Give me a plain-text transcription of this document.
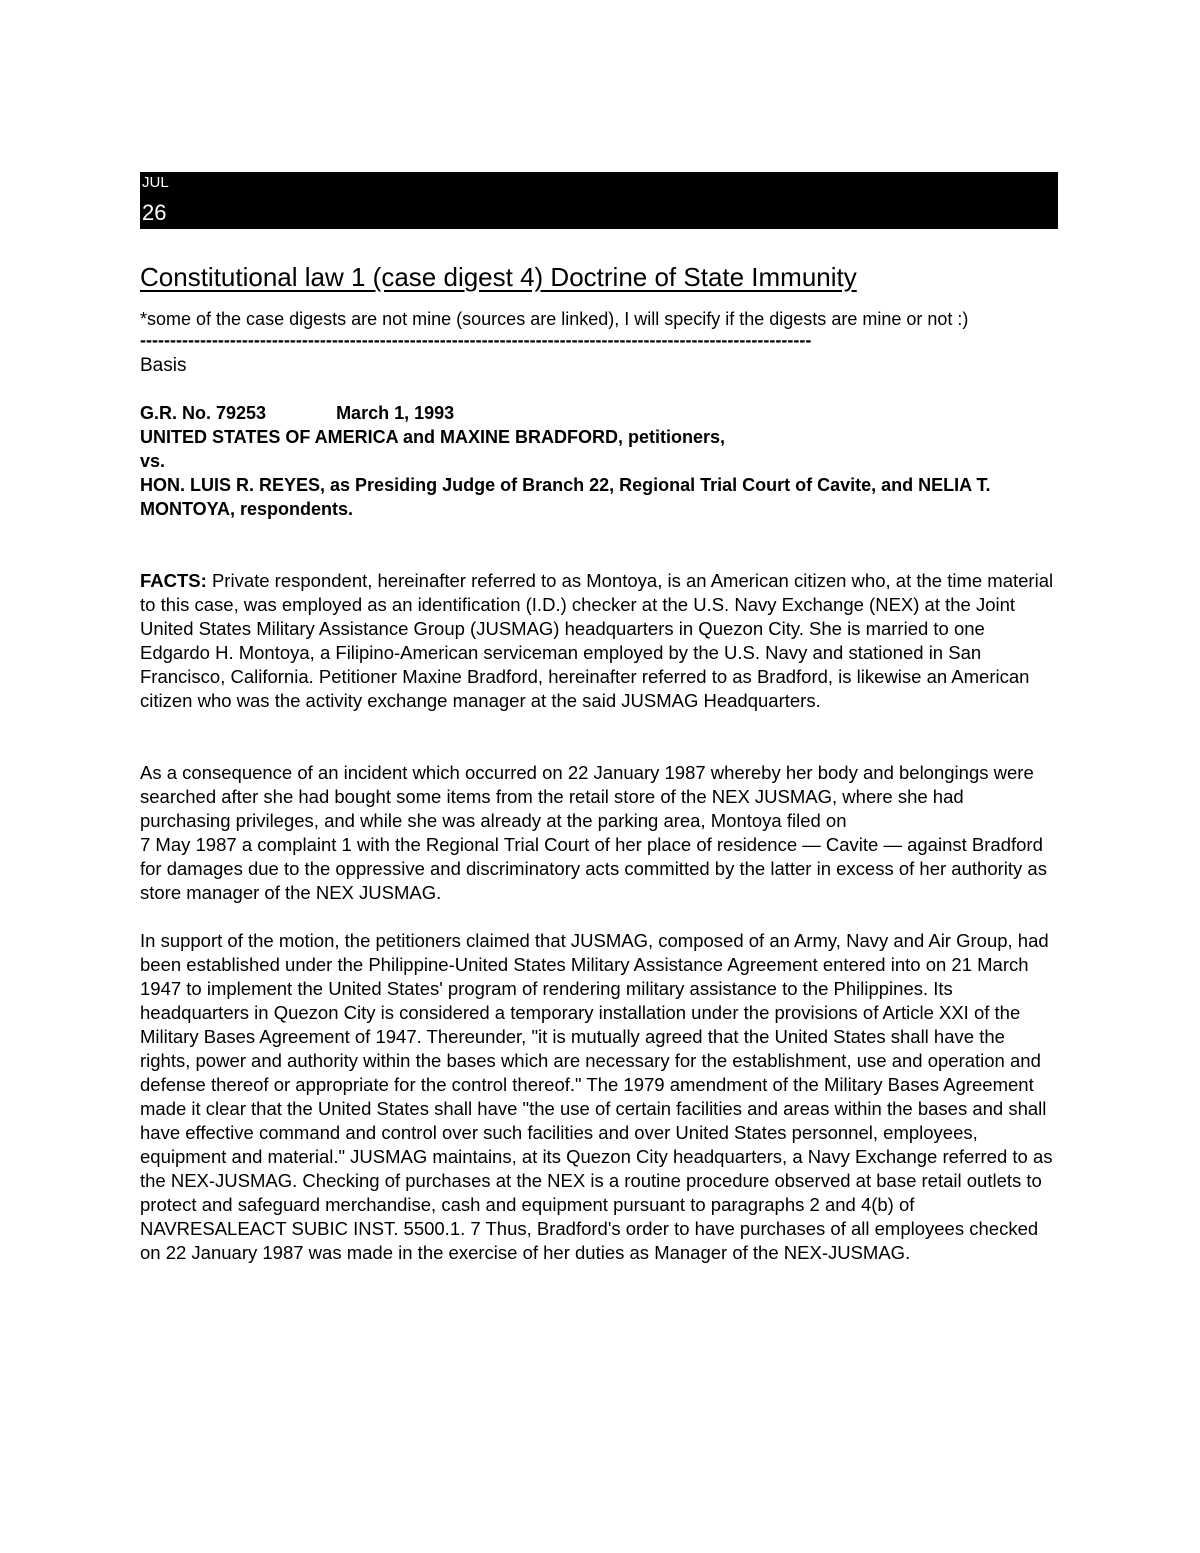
JUL
26
Constitutional law 1 (case digest 4) Doctrine of State Immunity
*some of the case digests are not mine (sources are linked), I will specify if the digests are mine or not :)
----------------------------------------------------------------------------------------------------------------
Basis
G.R. No. 79253	March 1, 1993
UNITED STATES OF AMERICA and MAXINE BRADFORD, petitioners,
vs.
HON. LUIS R. REYES, as Presiding Judge of Branch 22, Regional Trial Court of Cavite, and NELIA T. MONTOYA, respondents.
FACTS: Private respondent, hereinafter referred to as Montoya, is an American citizen who, at the time material to this case, was employed as an identification (I.D.) checker at the U.S. Navy Exchange (NEX) at the Joint United States Military Assistance Group (JUSMAG) headquarters in Quezon City. She is married to one Edgardo H. Montoya, a Filipino-American serviceman employed by the U.S. Navy and stationed in San Francisco, California. Petitioner Maxine Bradford, hereinafter referred to as Bradford, is likewise an American citizen who was the activity exchange manager at the said JUSMAG Headquarters.
As a consequence of an incident which occurred on 22 January 1987 whereby her body and belongings were searched after she had bought some items from the retail store of the NEX JUSMAG, where she had purchasing privileges, and while she was already at the parking area, Montoya filed on
7 May 1987 a complaint 1 with the Regional Trial Court of her place of residence — Cavite — against Bradford for damages due to the oppressive and discriminatory acts committed by the latter in excess of her authority as store manager of the NEX JUSMAG.
In support of the motion, the petitioners claimed that JUSMAG, composed of an Army, Navy and Air Group, had been established under the Philippine-United States Military Assistance Agreement entered into on 21 March 1947 to implement the United States' program of rendering military assistance to the Philippines. Its headquarters in Quezon City is considered a temporary installation under the provisions of Article XXI of the Military Bases Agreement of 1947. Thereunder, "it is mutually agreed that the United States shall have the rights, power and authority within the bases which are necessary for the establishment, use and operation and defense thereof or appropriate for the control thereof." The 1979 amendment of the Military Bases Agreement made it clear that the United States shall have "the use of certain facilities and areas within the bases and shall have effective command and control over such facilities and over United States personnel, employees, equipment and material." JUSMAG maintains, at its Quezon City headquarters, a Navy Exchange referred to as the NEX-JUSMAG. Checking of purchases at the NEX is a routine procedure observed at base retail outlets to protect and safeguard merchandise, cash and equipment pursuant to paragraphs 2 and 4(b) of NAVRESALEACT SUBIC INST. 5500.1. 7 Thus, Bradford's order to have purchases of all employees checked on 22 January 1987 was made in the exercise of her duties as Manager of the NEX-JUSMAG.
